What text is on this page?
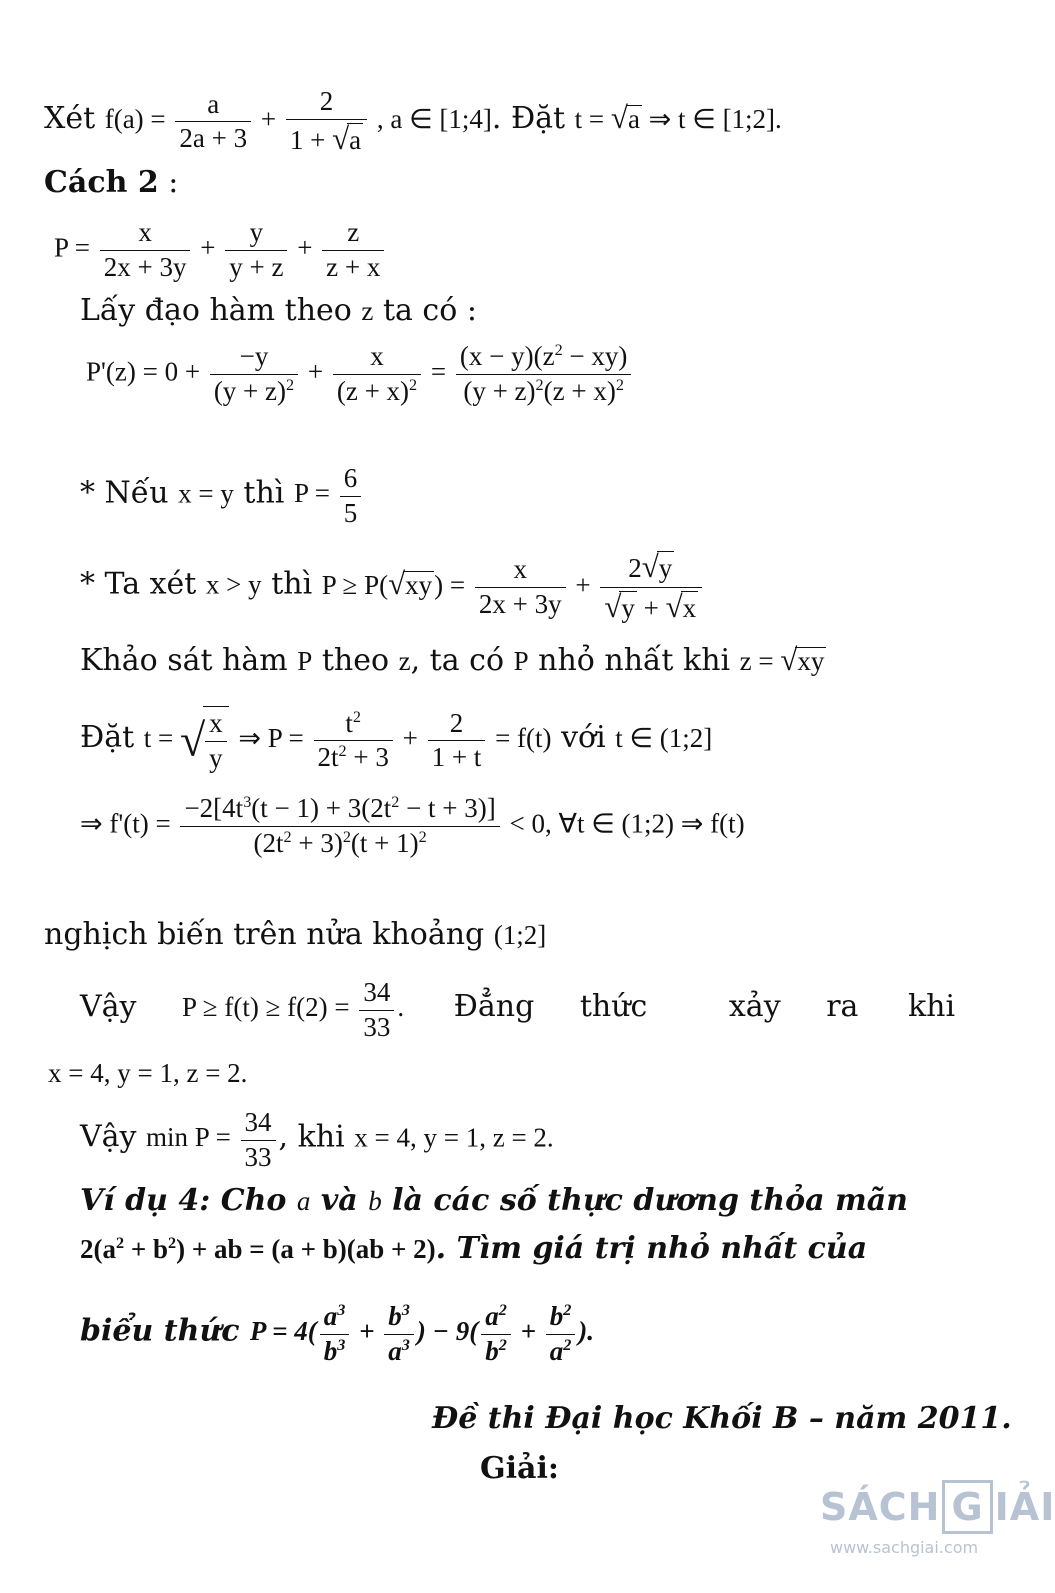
Xét $f(a) = \frac{a}{2a + 3} + \frac{2}{1 + √a}$ , a ∈ [1;4]. Đặt t = √a ⇒ t ∈ [1;2].
Cách 2 :
$P = \frac{x}{2x + 3y} + \frac{y}{y + z} + \frac{z}{z + x}$
Lấy đạo hàm theo z ta có :
$P'(z) = 0 + \frac{-y}{(y + z)^2} + \frac{x}{(z + x)^2} = \frac{(x - y)(z^2 - xy)}{(y + z)^2(z + x)^2}$
* Nếu x = y thì $P = \frac{6}{5}$
* Ta xét x > y thì $P \ge P(√xy) = \frac{x}{2x + 3y} + \frac{2√y}{√y + √x}$
Khảo sát hàm P theo z, ta có P nhỏ nhất khi z = √xy
Đặt t = √
$\frac{x}{y}$ ⇒ $P = \frac{t^2}{2t^2 + 3} + \frac{2}{1 + t} = f(t)$ với t ∈ (1;2]
⇒ $f'(t) = \frac{-2[4t^3(t - 1) + 3(2t^2 - t + 3)]}{(2t^2 + 3)^2(t + 1)^2} < 0$, ∀t ∈ (1;2) ⇒ f(t)
nghịch biến trên nửa khoảng (1;2]
Vậy $P \ge f(t) \ge f(2) = \frac{34}{33}$ . Đẳng thức	xảy ra khi
x = 4, y = 1, z = 2.
Vậy $\min P = \frac{34}{33}$ , khi x = 4, y = 1, z = 2.
Ví dụ 4: Cho a và b là các số thực dương thỏa mãn
$2(a^2 + b^2)$ + ab = (a + b)(ab + 2). Tìm giá trị nhỏ nhất của
biểu thức $P = 4( \frac{a^3}{b^3} + \frac{b^3}{a^3}$ ) − $9( \frac{a^2}{b^2} + \frac{b^2}{a^2}$ ).
Đề thi Đại học Khối B – năm 2011.
Giải:
SÁCH G IẢI
www.sachgiai.com
